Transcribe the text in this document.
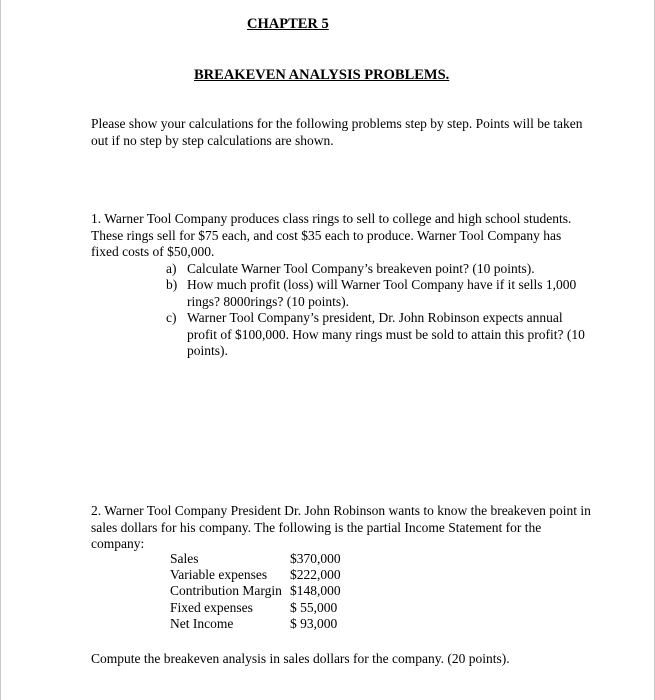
CHAPTER 5
BREAKEVEN ANALYSIS PROBLEMS.
Please show your calculations for the following problems step by step. Points will be taken out if no step by step calculations are shown.
1. Warner Tool Company produces class rings to sell to college and high school students. These rings sell for $75 each, and cost $35 each to produce. Warner Tool Company has fixed costs of $50,000.
a) Calculate Warner Tool Company’s breakeven point? (10 points).
b) How much profit (loss) will Warner Tool Company have if it sells 1,000 rings? 8000rings? (10 points).
c) Warner Tool Company’s president, Dr. John Robinson expects annual profit of $100,000. How many rings must be sold to attain this profit? (10 points).
2. Warner Tool Company President Dr. John Robinson wants to know the breakeven point in sales dollars for his company. The following is the partial Income Statement for the company:
Sales	$370,000
Variable expenses	$222,000
Contribution Margin	$148,000
Fixed expenses	$ 55,000
Net Income	$ 93,000
Compute the breakeven analysis in sales dollars for the company. (20 points).
